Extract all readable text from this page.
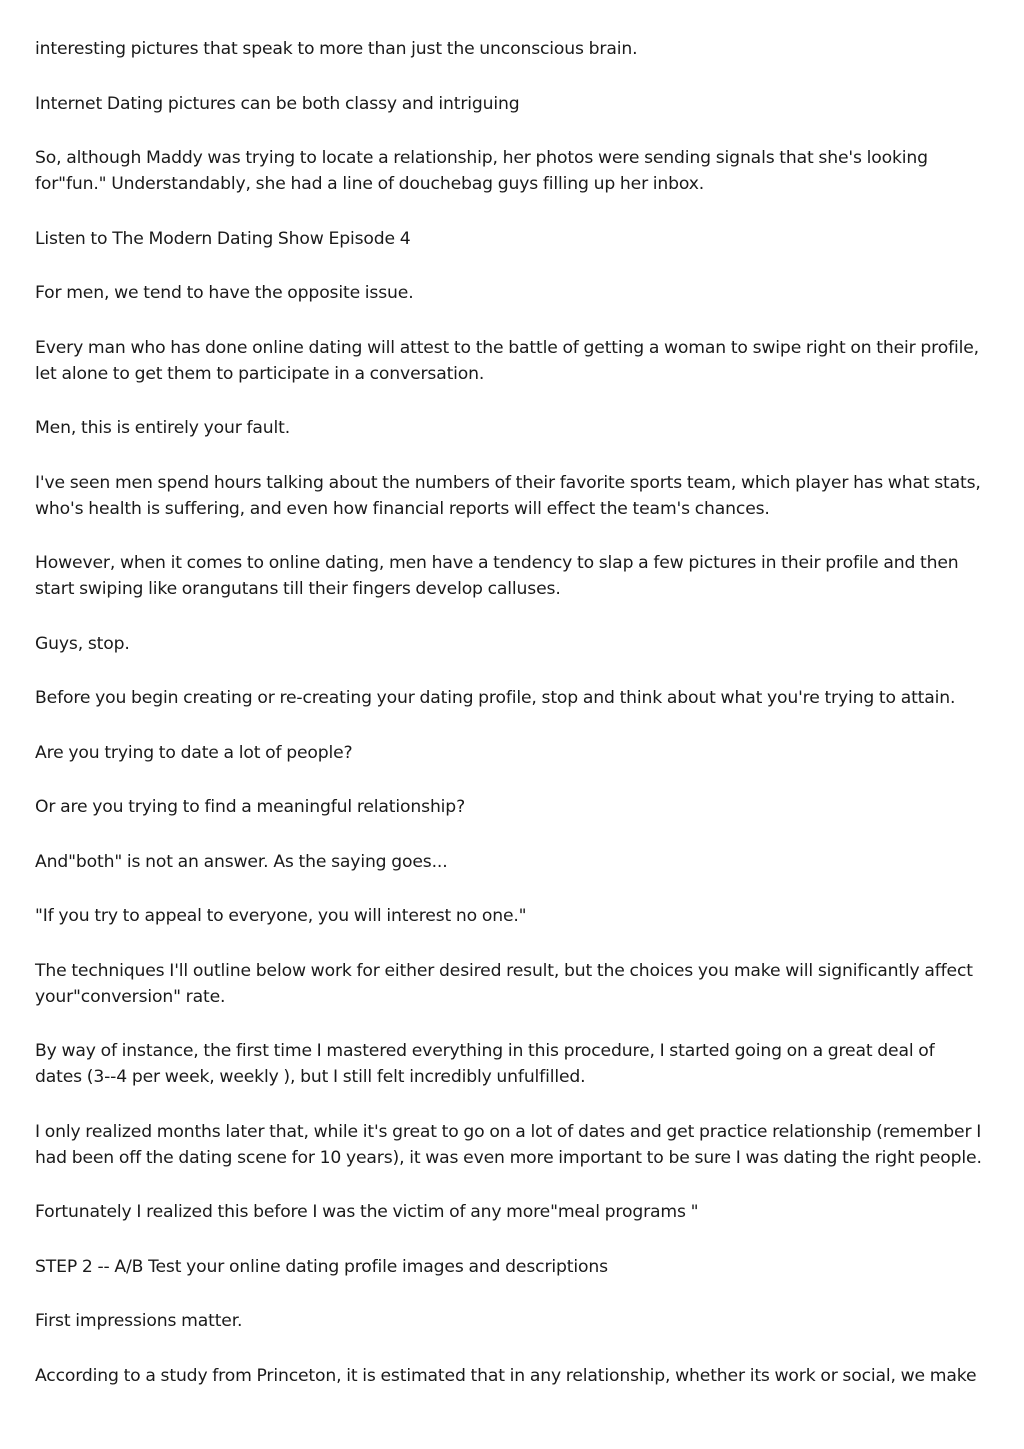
interesting pictures that speak to more than just the unconscious brain.

Internet Dating pictures can be both classy and intriguing

So, although Maddy was trying to locate a relationship, her photos were sending signals that she's looking for"fun." Understandably, she had a line of douchebag guys filling up her inbox.

Listen to The Modern Dating Show Episode 4

For men, we tend to have the opposite issue.

Every man who has done online dating will attest to the battle of getting a woman to swipe right on their profile, let alone to get them to participate in a conversation.

Men, this is entirely your fault.

I've seen men spend hours talking about the numbers of their favorite sports team, which player has what stats, who's health is suffering, and even how financial reports will effect the team's chances.

However, when it comes to online dating, men have a tendency to slap a few pictures in their profile and then start swiping like orangutans till their fingers develop calluses.

Guys, stop.

Before you begin creating or re-creating your dating profile, stop and think about what you're trying to attain.

Are you trying to date a lot of people?

Or are you trying to find a meaningful relationship?

And"both" is not an answer. As the saying goes...

"If you try to appeal to everyone, you will interest no one."

The techniques I'll outline below work for either desired result, but the choices you make will significantly affect your"conversion" rate.

By way of instance, the first time I mastered everything in this procedure, I started going on a great deal of dates (3--4 per week, weekly ), but I still felt incredibly unfulfilled.

I only realized months later that, while it's great to go on a lot of dates and get practice relationship (remember I had been off the dating scene for 10 years), it was even more important to be sure I was dating the right people.

Fortunately I realized this before I was the victim of any more"meal programs "

STEP 2 -- A/B Test your online dating profile images and descriptions

First impressions matter.

According to a study from Princeton, it is estimated that in any relationship, whether its work or social, we make
